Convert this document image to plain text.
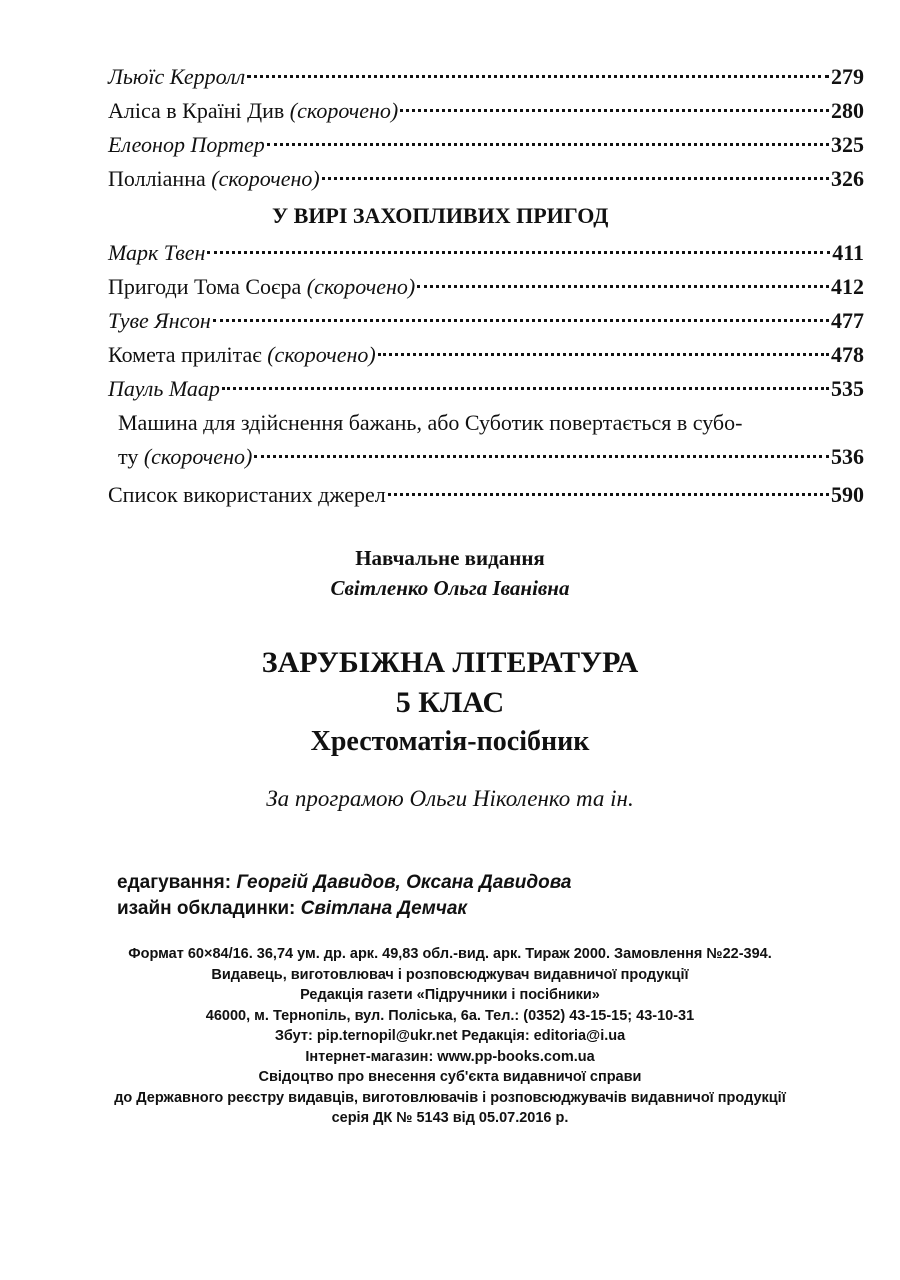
Льюїс Керролл	279
Аліса в Країні Див (скорочено)	280
Елеонор Портер	325
Полліанна (скорочено)	326
У ВИРІ ЗАХОПЛИВИХ ПРИГОД
Марк Твен	411
Пригоди Тома Соєра (скорочено)	412
Туве Янсон	477
Комета прилітає (скорочено)	478
Пауль Маар	535
Машина для здійснення бажань, або Суботик повертається в субо-
ту (скорочено)	536
Список використаних джерел	590
Навчальне видання
Світленко Ольга Іванівна
ЗАРУБІЖНА ЛІТЕРАТУРА
5 КЛАС
Хрестоматія-посібник
За програмою Ольги Ніколенко та ін.
едагування: Георгій Давидов, Оксана Давидова
изайн обкладинки: Світлана Демчак
Формат 60×84/16. 36,74 ум. др. арк. 49,83 обл.-вид. арк. Тираж 2000. Замовлення №22-394.
Видавець, виготовлювач і розповсюджувач видавничої продукції
Редакція газети «Підручники і посібники»
46000, м. Тернопіль, вул. Поліська, 6а. Тел.: (0352) 43-15-15; 43-10-31
Збут: pip.ternopil@ukr.net Редакція: editoria@i.ua
Інтернет-магазин: www.pp-books.com.ua
Свідоцтво про внесення суб'єкта видавничої справи
до Державного реєстру видавців, виготовлювачів і розповсюджувачів видавничої продукції
серія ДК № 5143 від 05.07.2016 р.
